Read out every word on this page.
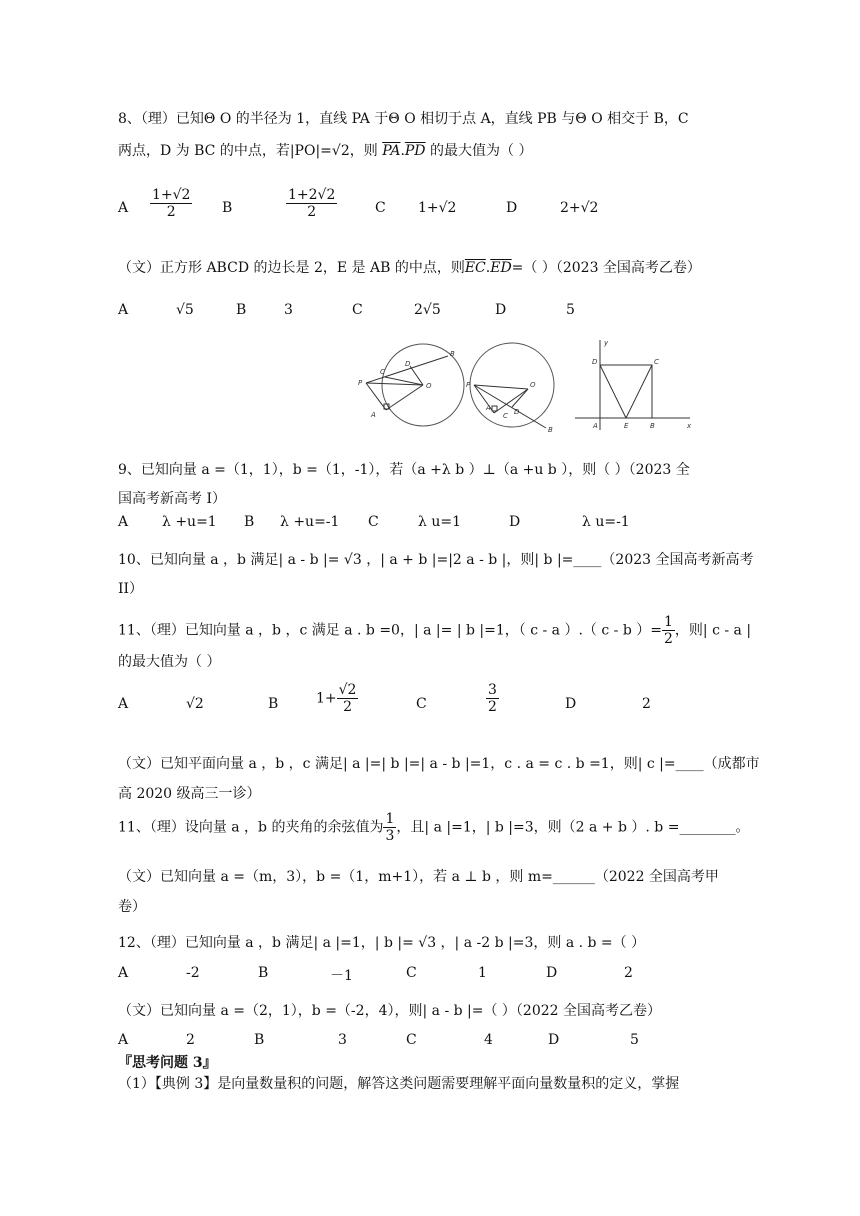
8、（理）已知Θ O 的半径为 1，直线 PA 于Θ O 相切于点 A，直线 PB 与Θ O 相交于 B，C
两点，D 为 BC 的中点，若|PO|=√2，则 $\overline{PA}.\overline{PD}$ 的最大值为（ ）
A $\frac{1+√2}{2}$ B	$\frac{1+2√2}{2}$	C 1+√2	D	2+√2
（文）正方形 ABCD 的边长是 2，E 是 AB 的中点，则$\overline{EC}.\overline{ED}=$（ ）（2023 全国高考乙卷）
A	√5	B	3	C	2√5	D	5
P
C
D
O
A
B
P	O
D
C
A
B
D	C
A	E	B
y
x
9、已知向量 a =（1，1），b =（1，-1），若（a +λ b ）⊥（a +u b ），则（ ）（2023 全
国高考新高考 I）
A λ +u=1 B λ +u=-1 C	λ u=1	D	λ u=-1
10、已知向量 a ，b 满足| a - b |= √3 ，| a + b |=|2 a - b |，则| b |=____（2023 全国高考新高考
II）
11、（理）已知向量 a ，b ，c 满足 a . b =0，| a |= | b |=1，（ c - a ）.（ c - b ）= $\frac{1}{2}$ ，则| c - a |
的最大值为（ ）
A	√2	B	$1+ \frac{√2}{2}$	C	$\frac{3}{2}$	D	2
（文）已知平面向量 a ，b ，c 满足| a |=| b |=| a - b |=1，c . a = c . b =1，则| c |=____（成都市
高 2020 级高三一诊）
11、（理）设向量 a ，b 的夹角的余弦值为 $\frac{1}{3}$ ，且| a |=1，| b |=3，则（2 a + b ）. b =________。
（文）已知向量 a =（m，3），b =（1，m+1），若 a ⊥ b ，则 m=______（2022 全国高考甲
卷）
12、（理）已知向量 a ，b 满足| a |=1，| b |= √3 ，| a -2 b |=3，则 a . b =（ ）
A	-2	B	－1	C	1	D	2
（文）已知向量 a =（2，1），b =（-2，4），则| a - b |=（ ）（2022 全国高考乙卷）
A	2	B	3	C	4	D	5
『思考问题 3』
（1）【典例 3】是向量数量积的问题，解答这类问题需要理解平面向量数量积的定义，掌握
